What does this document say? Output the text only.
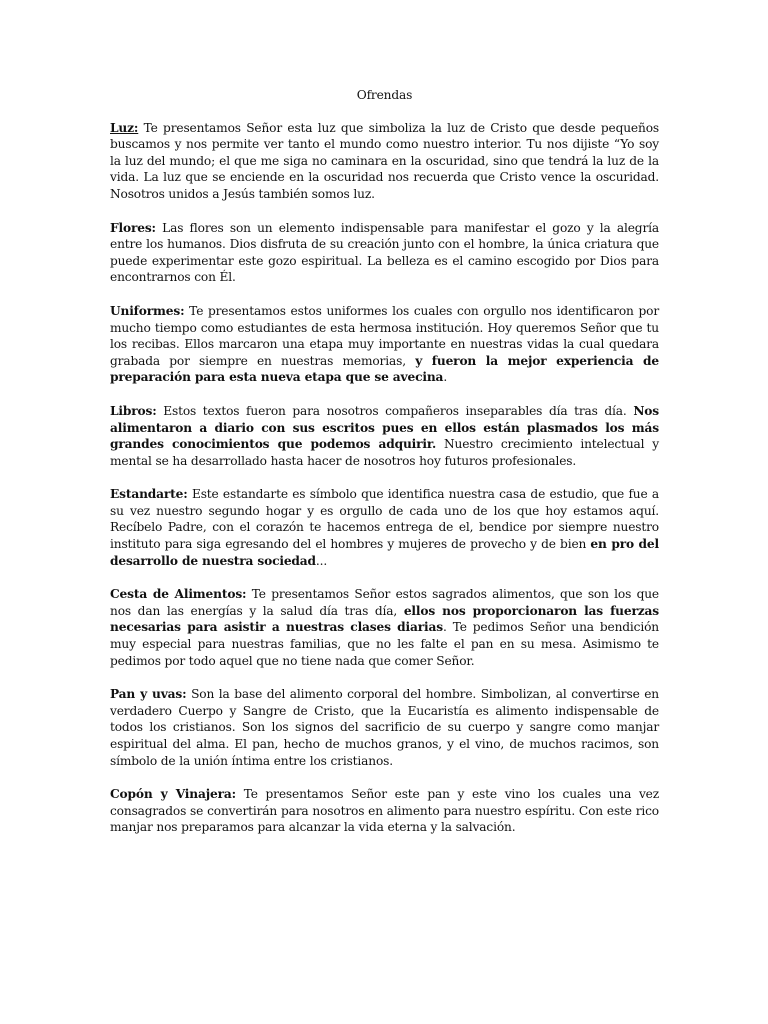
Ofrendas

Luz: Te presentamos Señor esta luz que simboliza la luz de Cristo que desde pequeños buscamos y nos permite ver tanto el mundo como nuestro interior. Tu nos dijiste “Yo soy la luz del mundo; el que me siga no caminara en la oscuridad, sino que tendrá la luz de la vida. La luz que se enciende en la oscuridad nos recuerda que Cristo vence la oscuridad. Nosotros unidos a Jesús también somos luz.

Flores: Las flores son un elemento indispensable para manifestar el gozo y la alegría entre los humanos. Dios disfruta de su creación junto con el hombre, la única criatura que puede experimentar este gozo espiritual. La belleza es el camino escogido por Dios para encontrarnos con Él.

Uniformes: Te presentamos estos uniformes los cuales con orgullo nos identificaron por mucho tiempo como estudiantes de esta hermosa institución. Hoy queremos Señor que tu los recibas. Ellos marcaron una etapa muy importante en nuestras vidas la cual quedara grabada por siempre en nuestras memorias, y fueron la mejor experiencia de preparación para esta nueva etapa que se avecina.

Libros: Estos textos fueron para nosotros compañeros inseparables día tras día. Nos alimentaron a diario con sus escritos pues en ellos están plasmados los más grandes conocimientos que podemos adquirir. Nuestro crecimiento intelectual y mental se ha desarrollado hasta hacer de nosotros hoy futuros profesionales.

Estandarte: Este estandarte es símbolo que identifica nuestra casa de estudio, que fue a su vez nuestro segundo hogar y es orgullo de cada uno de los que hoy estamos aquí. Recíbelo Padre, con el corazón te hacemos entrega de el, bendice por siempre nuestro instituto para siga egresando del el hombres y mujeres de provecho y de bien en pro del desarrollo de nuestra sociedad...

Cesta de Alimentos: Te presentamos Señor estos sagrados alimentos, que son los que nos dan las energías y la salud día tras día, ellos nos proporcionaron las fuerzas necesarias para asistir a nuestras clases diarias. Te pedimos Señor una bendición muy especial para nuestras familias, que no les falte el pan en su mesa. Asimismo te pedimos por todo aquel que no tiene nada que comer Señor.

Pan y uvas: Son la base del alimento corporal del hombre. Simbolizan, al convertirse en verdadero Cuerpo y Sangre de Cristo, que la Eucaristía es alimento indispensable de todos los cristianos. Son los signos del sacrificio de su cuerpo y sangre como manjar espiritual del alma. El pan, hecho de muchos granos, y el vino, de muchos racimos, son símbolo de la unión íntima entre los cristianos.

Copón y Vinajera: Te presentamos Señor este pan y este vino los cuales una vez consagrados se convertirán para nosotros en alimento para nuestro espíritu. Con este rico manjar nos preparamos para alcanzar la vida eterna y la salvación.
